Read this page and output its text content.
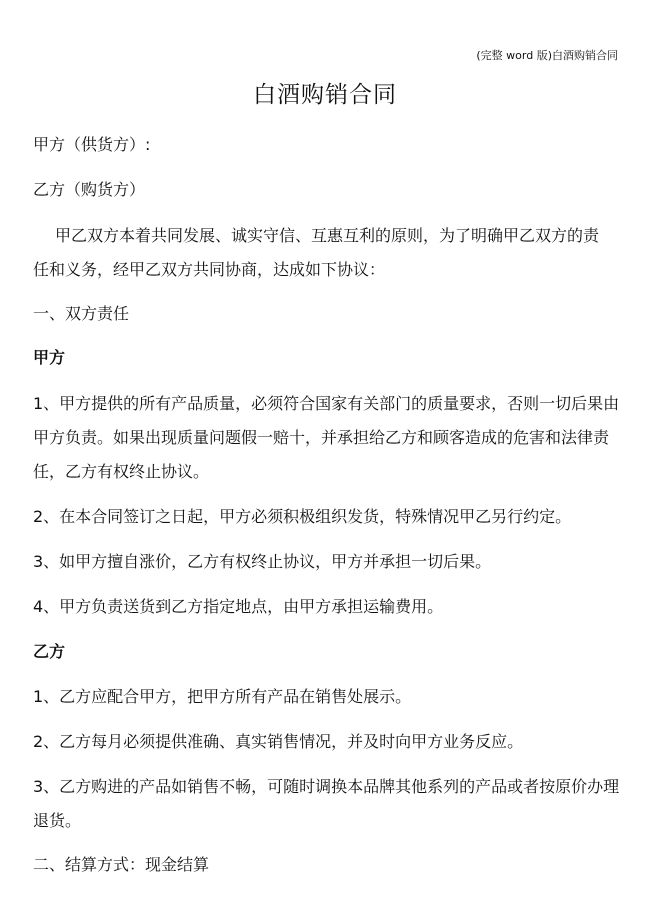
(完整 word 版)白酒购销合同
白酒购销合同
甲方（供货方）:
乙方（购货方）
甲乙双方本着共同发展、诚实守信、互惠互利的原则，为了明确甲乙双方的责
任和义务，经甲乙双方共同协商，达成如下协议：
一、双方责任
甲方
1、甲方提供的所有产品质量，必须符合国家有关部门的质量要求，否则一切后果由
甲方负责。如果出现质量问题假一赔十，并承担给乙方和顾客造成的危害和法律责
任，乙方有权终止协议。
2、在本合同签订之日起，甲方必须积极组织发货，特殊情况甲乙另行约定。
3、如甲方擅自涨价，乙方有权终止协议，甲方并承担一切后果。
4、甲方负责送货到乙方指定地点，由甲方承担运输费用。
乙方
1、乙方应配合甲方，把甲方所有产品在销售处展示。
2、乙方每月必须提供准确、真实销售情况，并及时向甲方业务反应。
3、乙方购进的产品如销售不畅，可随时调换本品牌其他系列的产品或者按原价办理
退货。
二、结算方式：现金结算
